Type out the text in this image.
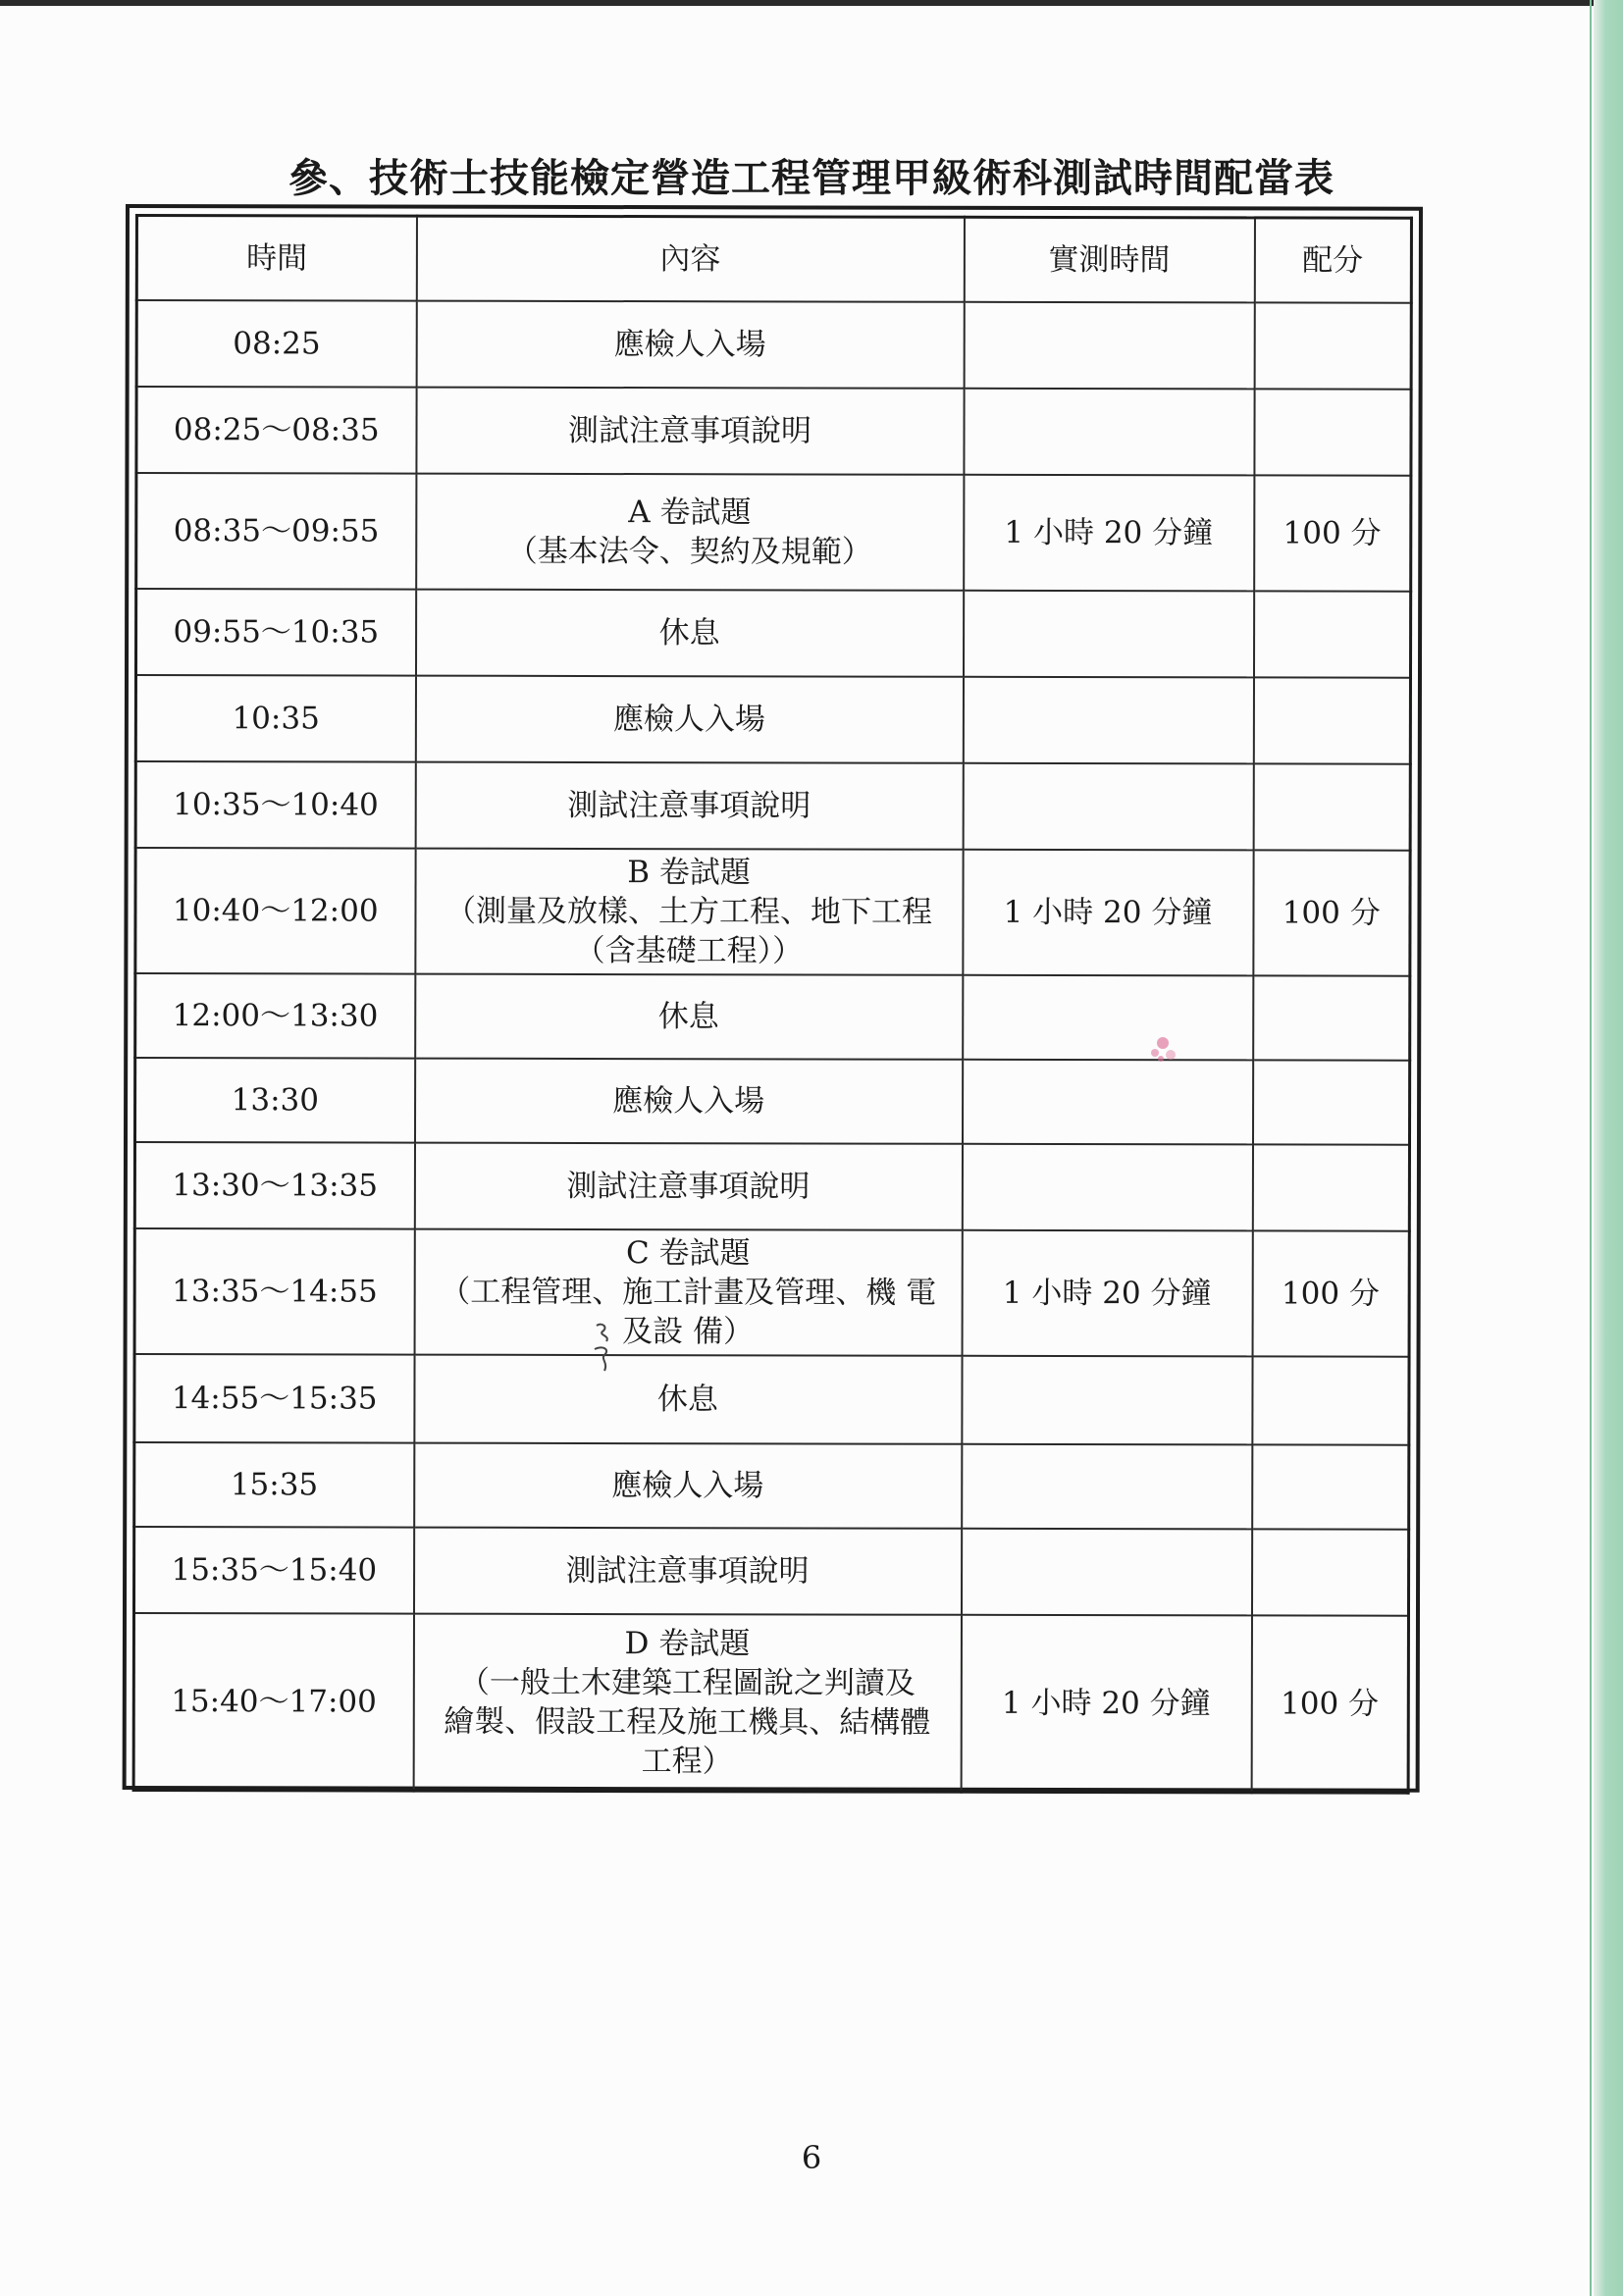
參、技術士技能檢定營造工程管理甲級術科測試時間配當表
時間	內容	實測時間	配分
08:25	應檢人入場		

08:25～08:35	測試注意事項說明		

08:35～09:55	A 卷試題
（基本法令、契約及規範）	1 小時 20 分鐘	100 分
09:55～10:35	休息		

10:35	應檢人入場		

10:35～10:40	測試注意事項說明		

10:40～12:00	B 卷試題
（測量及放樣、土方工程、地下工程
（含基礎工程））	1 小時 20 分鐘	100 分
12:00～13:30	休息		

13:30	應檢人入場		

13:30～13:35	測試注意事項說明		

13:35～14:55	C 卷試題
（工程管理、施工計畫及管理、機 電
及設 備）	1 小時 20 分鐘	100 分
14:55～15:35	休息		

15:35	應檢人入場		

15:35～15:40	測試注意事項說明		

15:40～17:00	D 卷試題
（一般土木建築工程圖說之判讀及
繪製、假設工程及施工機具、結構體
工程）	1 小時 20 分鐘	100 分
6
